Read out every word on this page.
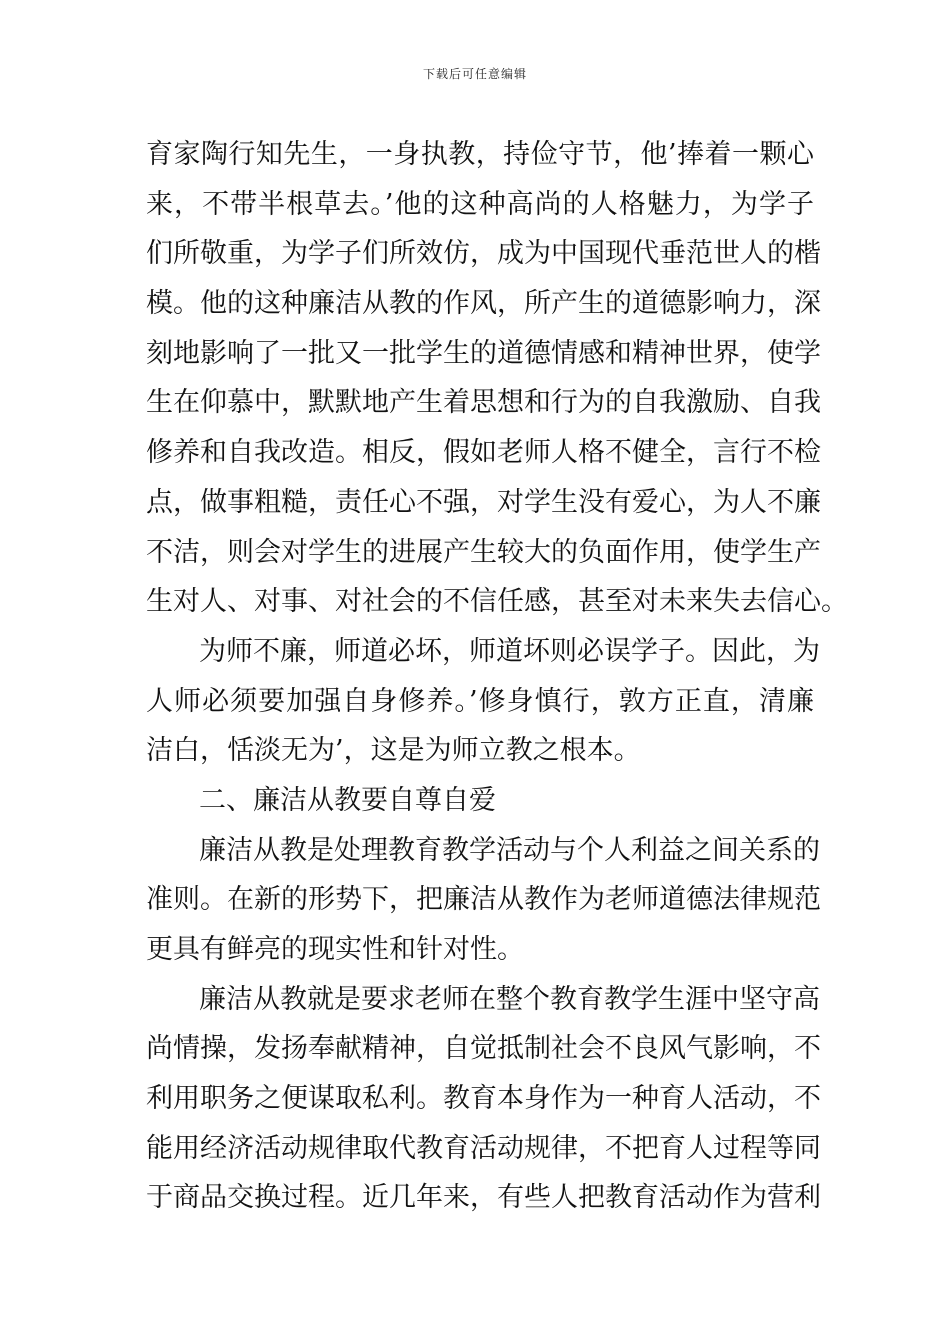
下载后可任意编辑
育家陶行知先生，一身执教，持俭守节，他’捧着一颗心
来，不带半根草去。’他的这种高尚的人格魅力，为学子
们所敬重，为学子们所效仿，成为中国现代垂范世人的楷
模。他的这种廉洁从教的作风，所产生的道德影响力，深
刻地影响了一批又一批学生的道德情感和精神世界，使学
生在仰慕中，默默地产生着思想和行为的自我激励、自我
修养和自我改造。相反，假如老师人格不健全，言行不检
点，做事粗糙，责任心不强，对学生没有爱心，为人不廉
不洁，则会对学生的进展产生较大的负面作用，使学生产
生对人、对事、对社会的不信任感，甚至对未来失去信心。
为师不廉，师道必坏，师道坏则必误学子。因此，为
人师必须要加强自身修养。’修身慎行，敦方正直，清廉
洁白，恬淡无为’，这是为师立教之根本。
二、廉洁从教要自尊自爱
廉洁从教是处理教育教学活动与个人利益之间关系的
准则。在新的形势下，把廉洁从教作为老师道德法律规范
更具有鲜亮的现实性和针对性。
廉洁从教就是要求老师在整个教育教学生涯中坚守高
尚情操，发扬奉献精神，自觉抵制社会不良风气影响，不
利用职务之便谋取私利。教育本身作为一种育人活动，不
能用经济活动规律取代教育活动规律，不把育人过程等同
于商品交换过程。近几年来，有些人把教育活动作为营利
